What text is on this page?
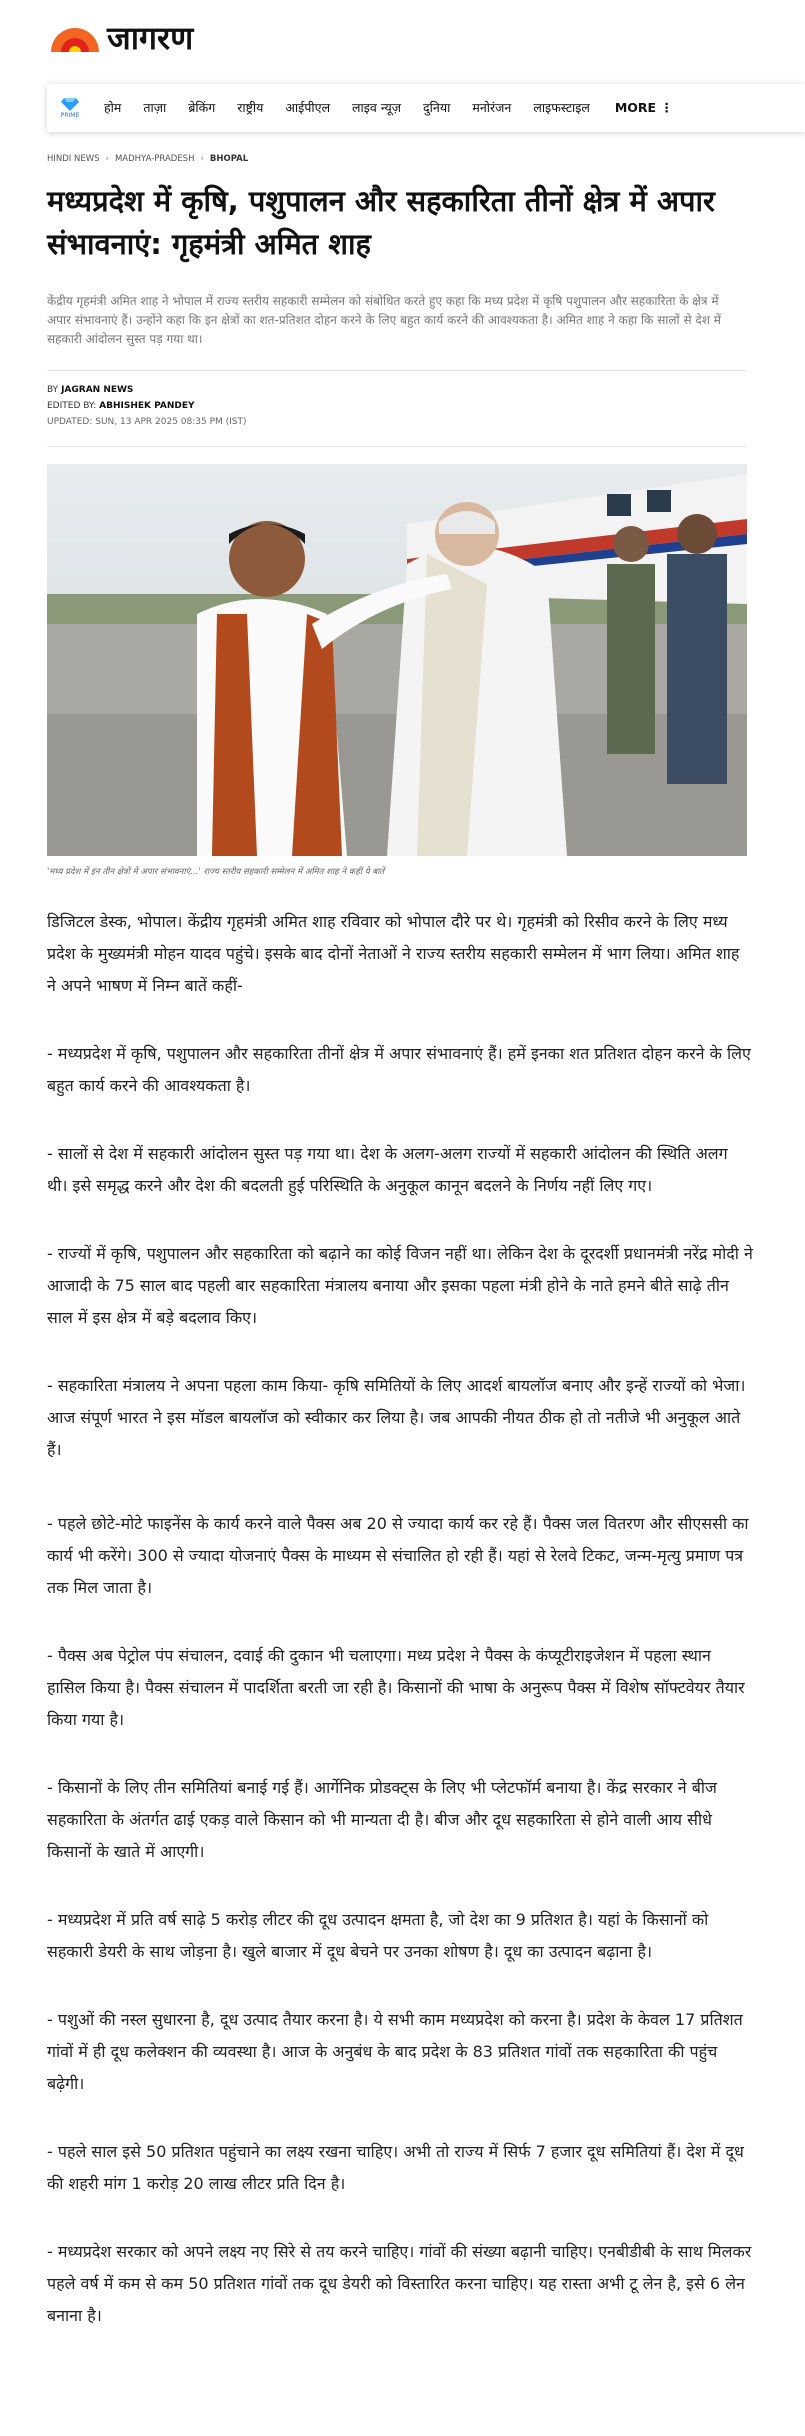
जागरण
PRIME
होम	ताज़ा	ब्रेकिंग	राष्ट्रीय	आईपीएल	लाइव न्यूज़	दुनिया	मनोरंजन	लाइफस्टाइल	MORE ⋮
HINDI NEWS › MADHYA-PRADESH › BHOPAL
मध्यप्रदेश में कृषि, पशुपालन और सहकारिता तीनों क्षेत्र में अपार संभावनाएं: गृहमंत्री अमित शाह

केंद्रीय गृहमंत्री अमित शाह ने भोपाल में राज्य स्तरीय सहकारी सम्मेलन को संबोधित करते हुए कहा कि मध्य प्रदेश में कृषि पशुपालन और सहकारिता के क्षेत्र में अपार संभावनाएं हैं। उन्होंने कहा कि इन क्षेत्रों का शत-प्रतिशत दोहन करने के लिए बहुत कार्य करने की आवश्यकता है। अमित शाह ने कहा कि सालों से देश में सहकारी आंदोलन सुस्त पड़ गया था।

BY JAGRAN NEWS
EDITED BY: ABHISHEK PANDEY
UPDATED: SUN, 13 APR 2025 08:35 PM (IST)
'मध्य प्रदेश में इन तीन क्षेत्रों में अपार संभावनाएं...' राज्य स्तरीय सहकारी सम्मेलन में अमित शाह ने कहीं ये बातें

डिजिटल डेस्क, भोपाल। केंद्रीय गृहमंत्री अमित शाह रविवार को भोपाल दौरे पर थे। गृहमंत्री को रिसीव करने के लिए मध्य प्रदेश के मुख्यमंत्री मोहन यादव पहुंचे। इसके बाद दोनों नेताओं ने राज्य स्तरीय सहकारी सम्मेलन में भाग लिया। अमित शाह ने अपने भाषण में निम्न बातें कहीं-

- मध्यप्रदेश में कृषि, पशुपालन और सहकारिता तीनों क्षेत्र में अपार संभावनाएं हैं। हमें इनका शत प्रतिशत दोहन करने के लिए बहुत कार्य करने की आवश्यकता है।

- सालों से देश में सहकारी आंदोलन सुस्त पड़ गया था। देश के अलग-अलग राज्यों में सहकारी आंदोलन की स्थिति अलग थी। इसे समृद्ध करने और देश की बदलती हुई परिस्थिति के अनुकूल कानून बदलने के निर्णय नहीं लिए गए।

- राज्यों में कृषि, पशुपालन और सहकारिता को बढ़ाने का कोई विजन नहीं था। लेकिन देश के दूरदर्शी प्रधानमंत्री नरेंद्र मोदी ने आजादी के 75 साल बाद पहली बार सहकारिता मंत्रालय बनाया और इसका पहला मंत्री होने के नाते हमने बीते साढ़े तीन साल में इस क्षेत्र में बड़े बदलाव किए।

- सहकारिता मंत्रालय ने अपना पहला काम किया- कृषि समितियों के लिए आदर्श बायलॉज बनाए और इन्हें राज्यों को भेजा। आज संपूर्ण भारत ने इस मॉडल बायलॉज को स्वीकार कर लिया है। जब आपकी नीयत ठीक हो तो नतीजे भी अनुकूल आते हैं।

- पहले छोटे-मोटे फाइनेंस के कार्य करने वाले पैक्स अब 20 से ज्यादा कार्य कर रहे हैं। पैक्स जल वितरण और सीएससी का कार्य भी करेंगे। 300 से ज्यादा योजनाएं पैक्स के माध्यम से संचालित हो रही हैं। यहां से रेलवे टिकट, जन्म-मृत्यु प्रमाण पत्र तक मिल जाता है।

- पैक्स अब पेट्रोल पंप संचालन, दवाई की दुकान भी चलाएगा। मध्य प्रदेश ने पैक्स के कंप्यूटीराइजेशन में पहला स्थान हासिल किया है। पैक्स संचालन में पादर्शिता बरती जा रही है। किसानों की भाषा के अनुरूप पैक्स में विशेष सॉफ्टवेयर तैयार किया गया है।

- किसानों के लिए तीन समितियां बनाई गई हैं। आर्गेनिक प्रोडक्ट्स के लिए भी प्लेटफॉर्म बनाया है। केंद्र सरकार ने बीज सहकारिता के अंतर्गत ढाई एकड़ वाले किसान को भी मान्यता दी है। बीज और दूध सहकारिता से होने वाली आय सीधे किसानों के खाते में आएगी।

- मध्यप्रदेश में प्रति वर्ष साढ़े 5 करोड़ लीटर की दूध उत्पादन क्षमता है, जो देश का 9 प्रतिशत है। यहां के किसानों को सहकारी डेयरी के साथ जोड़ना है। खुले बाजार में दूध बेचने पर उनका शोषण है। दूध का उत्पादन बढ़ाना है।

- पशुओं की नस्ल सुधारना है, दूध उत्पाद तैयार करना है। ये सभी काम मध्यप्रदेश को करना है। प्रदेश के केवल 17 प्रतिशत गांवों में ही दूध कलेक्शन की व्यवस्था है। आज के अनुबंध के बाद प्रदेश के 83 प्रतिशत गांवों तक सहकारिता की पहुंच बढ़ेगी।

- पहले साल इसे 50 प्रतिशत पहुंचाने का लक्ष्य रखना चाहिए। अभी तो राज्य में सिर्फ 7 हजार दूध समितियां हैं। देश में दूध की शहरी मांग 1 करोड़ 20 लाख लीटर प्रति दिन है।

- मध्यप्रदेश सरकार को अपने लक्ष्य नए सिरे से तय करने चाहिए। गांवों की संख्या बढ़ानी चाहिए। एनबीडीबी के साथ मिलकर पहले वर्ष में कम से कम 50 प्रतिशत गांवों तक दूध डेयरी को विस्तारित करना चाहिए। यह रास्ता अभी टू लेन है, इसे 6 लेन बनाना है।
